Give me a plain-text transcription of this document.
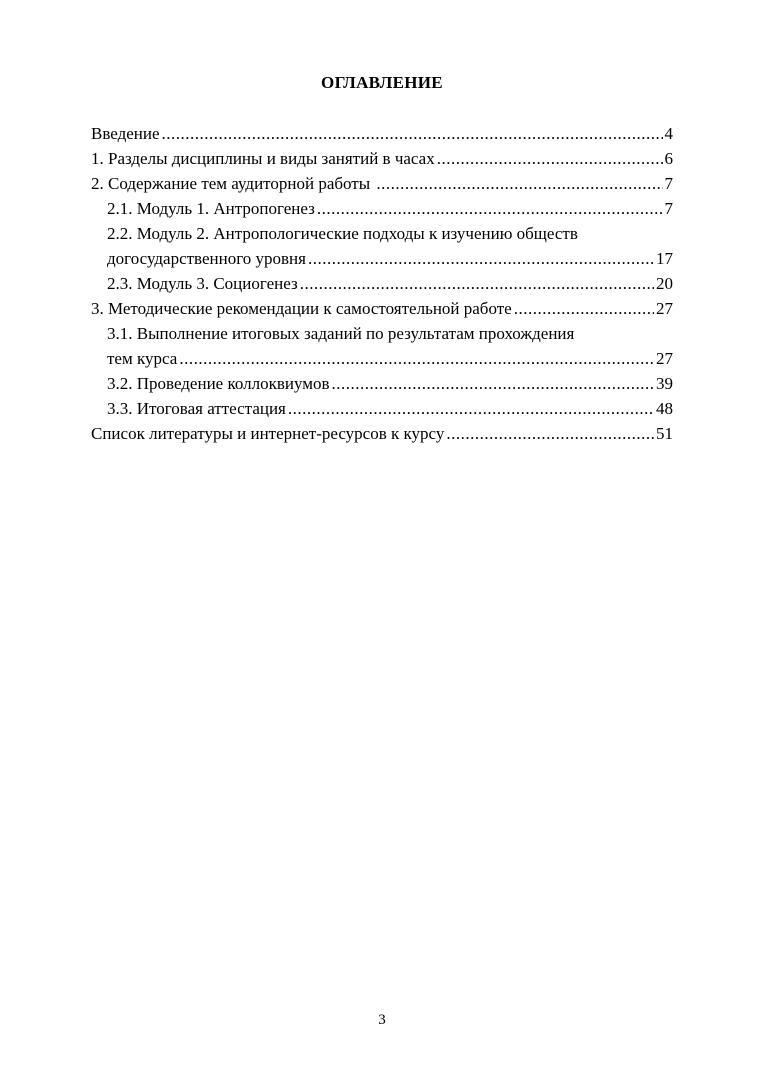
ОГЛАВЛЕНИЕ
Введение .....	4
1. Разделы дисциплины и виды занятий в часах .....	6
2. Содержание тем аудиторной работы .....	7
2.1. Модуль 1. Антропогенез .....	7
2.2. Модуль 2. Антропологические подходы к изучению обществ
догосударственного уровня .....	17
2.3. Модуль 3. Социогенез .....	20
3. Методические рекомендации к самостоятельной работе .....	27
3.1. Выполнение итоговых заданий по результатам прохождения
тем курса .....	27
3.2. Проведение коллоквиумов .....	39
3.3. Итоговая аттестация .....	48
Список литературы и интернет-ресурсов к курсу .....	51
3
